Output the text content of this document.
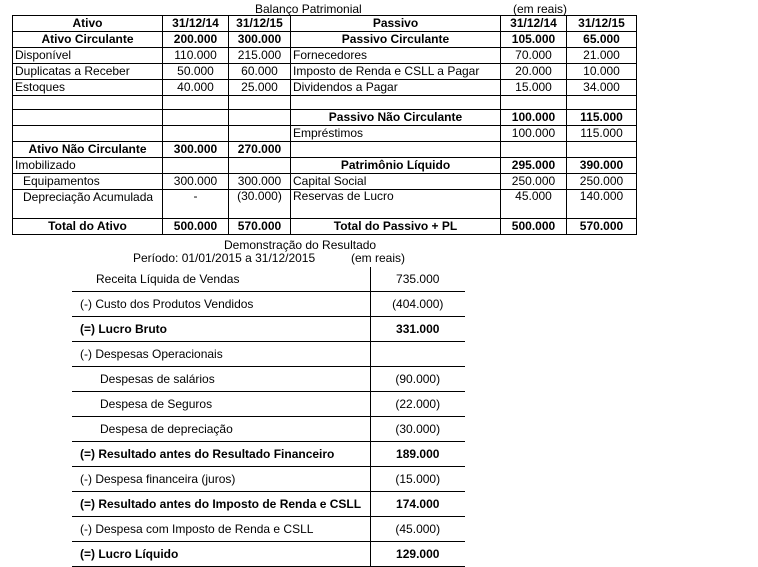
Balanço Patrimonial	(em reais)
Ativo	31/12/14	31/12/15	Passivo	31/12/14	31/12/15
Ativo Circulante	200.000	300.000	Passivo Circulante	105.000	65.000
Disponível	110.000	215.000	Fornecedores	70.000	21.000
Duplicatas a Receber	50.000	60.000	Imposto de Renda e CSLL a Pagar	20.000	10.000
Estoques	40.000	25.000	Dividendos a Pagar	15.000	34.000

			Passivo Não Circulante	100.000	115.000
			Empréstimos	100.000	115.000
Ativo Não Circulante	300.000	270.000			
Imobilizado			Patrimônio Líquido	295.000	390.000
Equipamentos	300.000	300.000	Capital Social	250.000	250.000
Depreciação Acumulada	-	(30.000)	Reservas de Lucro	45.000	140.000
Total do Ativo	500.000	570.000	Total do Passivo + PL	500.000	570.000
Demonstração do Resultado
Período: 01/01/2015 a 31/12/2015	(em reais)
Receita Líquida de Vendas	735.000
(-) Custo dos Produtos Vendidos	(404.000)
(=) Lucro Bruto	331.000
(-) Despesas Operacionais	
Despesas de salários	(90.000)
Despesa de Seguros	(22.000)
Despesa de depreciação	(30.000)
(=) Resultado antes do Resultado Financeiro	189.000
(-) Despesa financeira (juros)	(15.000)
(=) Resultado antes do Imposto de Renda e CSLL	174.000
(-) Despesa com Imposto de Renda e CSLL	(45.000)
(=) Lucro Líquido	129.000
